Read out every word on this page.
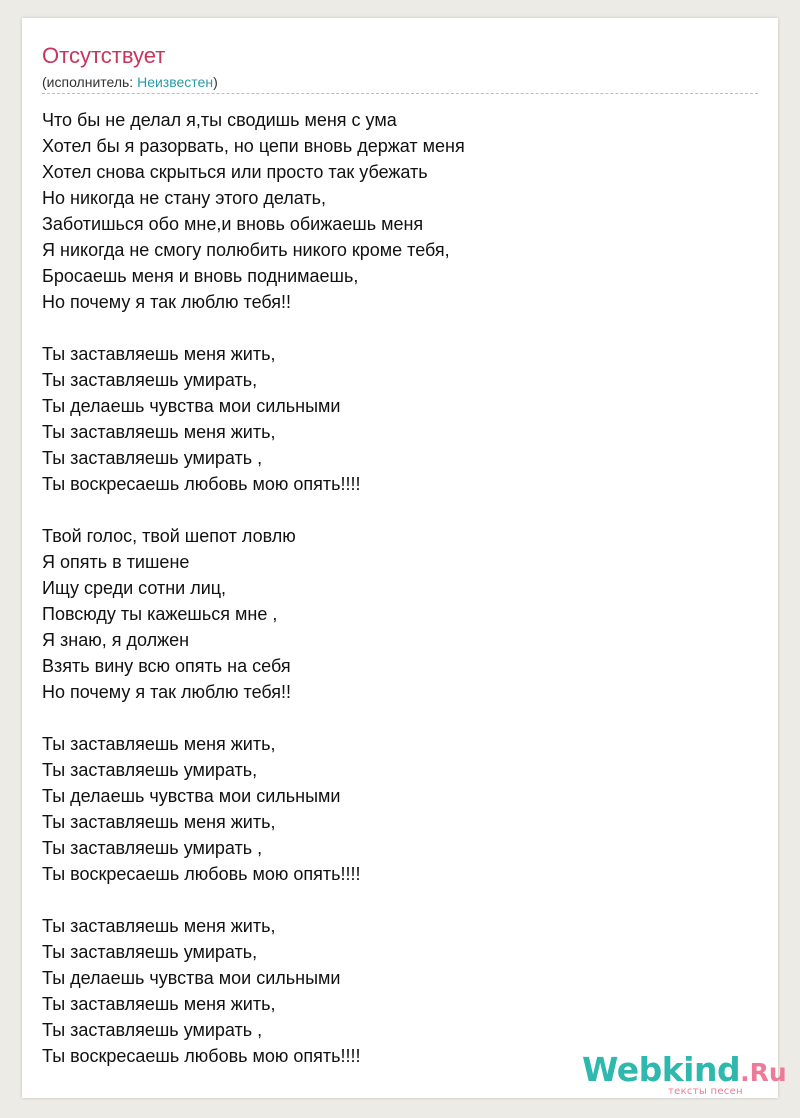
Отсутствует
(исполнитель: Неизвестен)
Что бы не делал я,ты сводишь меня с ума
Хотел бы я разорвать, но цепи вновь держат меня
Хотел снова скрыться или просто так убежать
Но никогда не стану этого делать,
Заботишься обо мне,и вновь обижаешь меня
Я никогда не смогу полюбить никого кроме тебя,
Бросаешь меня и вновь поднимаешь,
Но почему я так люблю тебя!!
Ты заставляешь меня жить,
Ты заставляешь умирать,
Ты делаешь чувства мои сильными
Ты заставляешь меня жить,
Ты заставляешь умирать ,
Ты воскресаешь любовь мою опять!!!!
Твой голос, твой шепот ловлю
Я опять в тишене
Ищу среди сотни лиц,
Повсюду ты кажешься мне ,
Я знаю, я должен
Взять вину всю опять на себя
Но почему я так люблю тебя!!
Ты заставляешь меня жить,
Ты заставляешь умирать,
Ты делаешь чувства мои сильными
Ты заставляешь меня жить,
Ты заставляешь умирать ,
Ты воскресаешь любовь мою опять!!!!
Ты заставляешь меня жить,
Ты заставляешь умирать,
Ты делаешь чувства мои сильными
Ты заставляешь меня жить,
Ты заставляешь умирать ,
Ты воскресаешь любовь мою опять!!!!	Webkind.Ru
тексты песен
